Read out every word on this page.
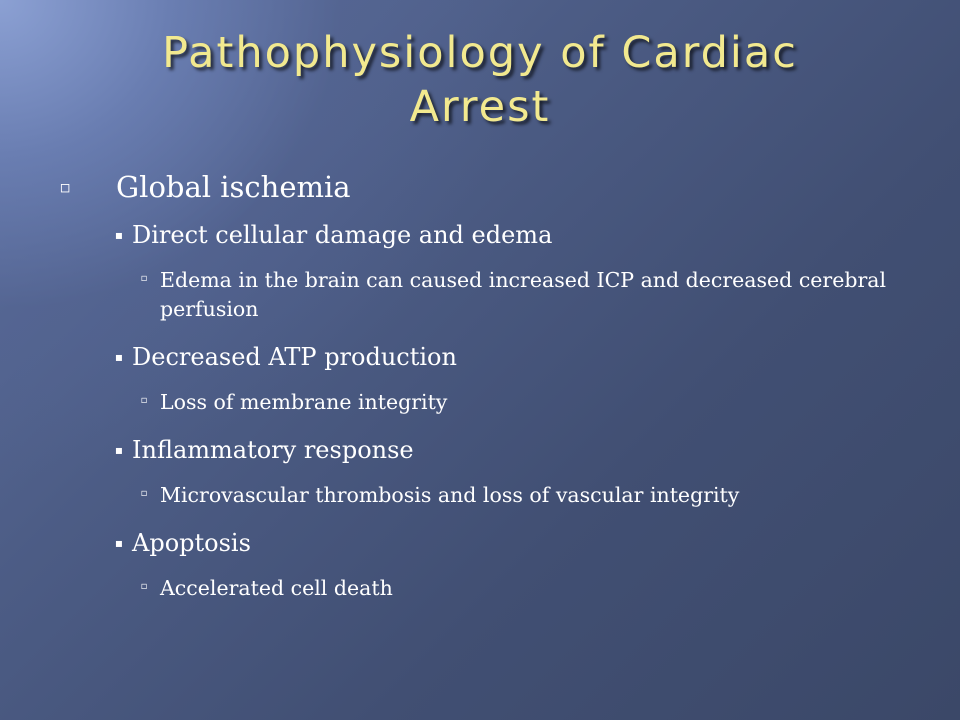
Pathophysiology of Cardiac
Arrest
◽	Global ischemia
▪ Direct cellular damage and edema
▫ Edema in the brain can caused increased ICP and decreased cerebral perfusion
▪ Decreased ATP production
▫ Loss of membrane integrity
▪ Inflammatory response
▫ Microvascular thrombosis and loss of vascular integrity
▪ Apoptosis
▫ Accelerated cell death
